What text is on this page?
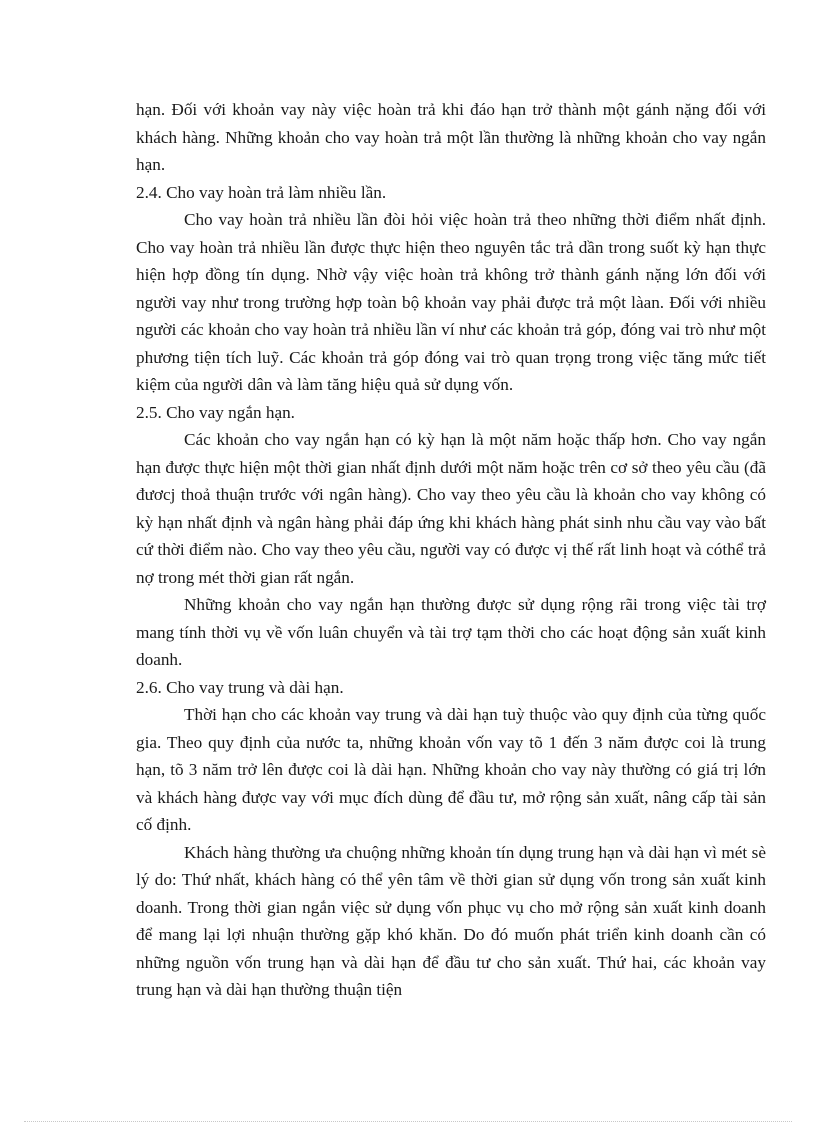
hạn. Đối với khoản vay này việc hoàn trả khi đáo hạn trở thành một gánh nặng đối với khách hàng. Những khoản cho vay hoàn trả một lần thường là những khoản cho vay ngắn hạn.

2.4. Cho vay hoàn trả làm nhiều lần.

Cho vay hoàn trả nhiều lần đòi hỏi việc hoàn trả theo những thời điểm nhất định. Cho vay hoàn trả nhiều lần được thực hiện theo nguyên tắc trả dần trong suốt kỳ hạn thực hiện hợp đồng tín dụng. Nhờ vậy việc hoàn trả không trở thành gánh nặng lớn đối với người vay như trong trường hợp toàn bộ khoản vay phải được trả một làan. Đối với nhiều người các khoản cho vay hoàn trả nhiều lần ví như các khoản trả góp, đóng vai trò như một phương tiện tích luỹ. Các khoản trả góp đóng vai trò quan trọng trong việc tăng mức tiết kiệm của người dân và làm tăng hiệu quả sử dụng vốn.

2.5. Cho vay ngắn hạn.

Các khoản cho vay ngắn hạn có kỳ hạn là một năm hoặc thấp hơn. Cho vay ngắn hạn được thực hiện một thời gian nhất định dưới một năm hoặc trên cơ sở theo yêu cầu (đã đươcj thoả thuận trước với ngân hàng). Cho vay theo yêu cầu là khoản cho vay không có kỳ hạn nhất định và ngân hàng phải đáp ứng khi khách hàng phát sinh nhu cầu vay vào bất cứ thời điểm nào. Cho vay theo yêu cầu, người vay có được vị thế rất linh hoạt và cóthể trả nợ trong mét thời gian rất ngắn.

Những khoản cho vay ngắn hạn thường được sử dụng rộng rãi trong việc tài trợ mang tính thời vụ về vốn luân chuyển và tài trợ tạm thời cho các hoạt động sản xuất kinh doanh.

2.6. Cho vay trung và dài hạn.

Thời hạn cho các khoản vay trung và dài hạn tuỳ thuộc vào quy định của từng quốc gia. Theo quy định của nước ta, những khoản vốn vay tõ 1 đến 3 năm được coi là trung hạn, tõ 3 năm trở lên được coi là dài hạn. Những khoản cho vay này thường có giá trị lớn và khách hàng được vay với mục đích dùng để đầu tư, mở rộng sản xuất, nâng cấp tài sản cố định.

Khách hàng thường ưa chuộng những khoản tín dụng trung hạn và dài hạn vì mét sè lý do: Thứ nhất, khách hàng có thể yên tâm về thời gian sử dụng vốn trong sản xuất kinh doanh. Trong thời gian ngắn việc sử dụng vốn phục vụ cho mở rộng sản xuất kinh doanh để mang lại lợi nhuận thường gặp khó khăn. Do đó muốn phát triển kinh doanh cần có những nguồn vốn trung hạn và dài hạn để đầu tư cho sản xuất. Thứ hai, các khoản vay trung hạn và dài hạn thường thuận tiện
